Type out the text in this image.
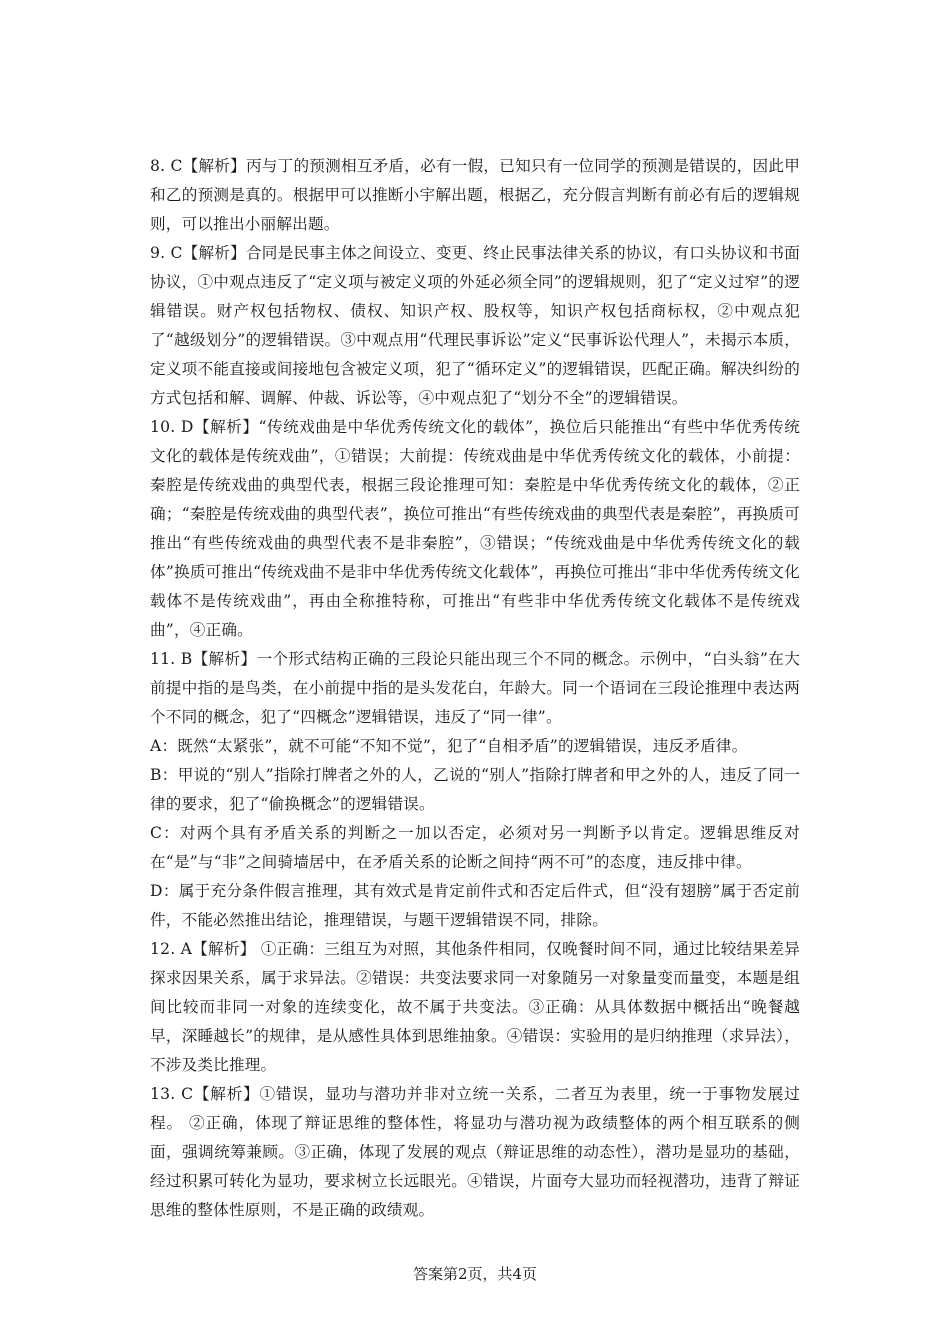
8. C【解析】丙与丁的预测相互矛盾，必有一假，已知只有一位同学的预测是错误的，因此甲和乙的预测是真的。根据甲可以推断小宇解出题，根据乙，充分假言判断有前必有后的逻辑规则，可以推出小丽解出题。

9. C【解析】合同是民事主体之间设立、变更、终止民事法律关系的协议，有口头协议和书面协议，①中观点违反了“定义项与被定义项的外延必须全同”的逻辑规则，犯了“定义过窄”的逻辑错误。财产权包括物权、债权、知识产权、股权等，知识产权包括商标权，②中观点犯了“越级划分”的逻辑错误。③中观点用“代理民事诉讼”定义“民事诉讼代理人”，未揭示本质，定义项不能直接或间接地包含被定义项，犯了“循环定义”的逻辑错误，匹配正确。解决纠纷的方式包括和解、调解、仲裁、诉讼等，④中观点犯了“划分不全”的逻辑错误。

10. D【解析】“传统戏曲是中华优秀传统文化的载体”，换位后只能推出“有些中华优秀传统文化的载体是传统戏曲”，①错误；大前提：传统戏曲是中华优秀传统文化的载体，小前提：秦腔是传统戏曲的典型代表，根据三段论推理可知：秦腔是中华优秀传统文化的载体，②正确；“秦腔是传统戏曲的典型代表”，换位可推出“有些传统戏曲的典型代表是秦腔”，再换质可推出“有些传统戏曲的典型代表不是非秦腔”，③错误；“传统戏曲是中华优秀传统文化的载体”换质可推出“传统戏曲不是非中华优秀传统文化载体”，再换位可推出“非中华优秀传统文化载体不是传统戏曲”，再由全称推特称，可推出“有些非中华优秀传统文化载体不是传统戏曲”，④正确。

11. B【解析】一个形式结构正确的三段论只能出现三个不同的概念。示例中，“白头翁”在大前提中指的是鸟类，在小前提中指的是头发花白，年龄大。同一个语词在三段论推理中表达两个不同的概念，犯了“四概念”逻辑错误，违反了“同一律”。

A：既然“太紧张”，就不可能“不知不觉”，犯了“自相矛盾”的逻辑错误，违反矛盾律。

B：甲说的“别人”指除打牌者之外的人，乙说的“别人”指除打牌者和甲之外的人，违反了同一律的要求，犯了“偷换概念”的逻辑错误。

C：对两个具有矛盾关系的判断之一加以否定，必须对另一判断予以肯定。逻辑思维反对在“是”与“非”之间骑墙居中，在矛盾关系的论断之间持“两不可”的态度，违反排中律。

D：属于充分条件假言推理，其有效式是肯定前件式和否定后件式，但“没有翅膀”属于否定前件，不能必然推出结论，推理错误，与题干逻辑错误不同，排除。

12. A【解析】 ①正确：三组互为对照，其他条件相同，仅晚餐时间不同，通过比较结果差异探求因果关系，属于求异法。②错误：共变法要求同一对象随另一对象量变而量变，本题是组间比较而非同一对象的连续变化，故不属于共变法。③正确：从具体数据中概括出“晚餐越早，深睡越长”的规律，是从感性具体到思维抽象。④错误：实验用的是归纳推理（求异法），不涉及类比推理。

13. C【解析】①错误，显功与潜功并非对立统一关系，二者互为表里，统一于事物发展过程。 ②正确，体现了辩证思维的整体性，将显功与潜功视为政绩整体的两个相互联系的侧面，强调统筹兼顾。③正确，体现了发展的观点（辩证思维的动态性），潜功是显功的基础，经过积累可转化为显功，要求树立长远眼光。④错误，片面夸大显功而轻视潜功，违背了辩证思维的整体性原则，不是正确的政绩观。

答案第2页，共4页
